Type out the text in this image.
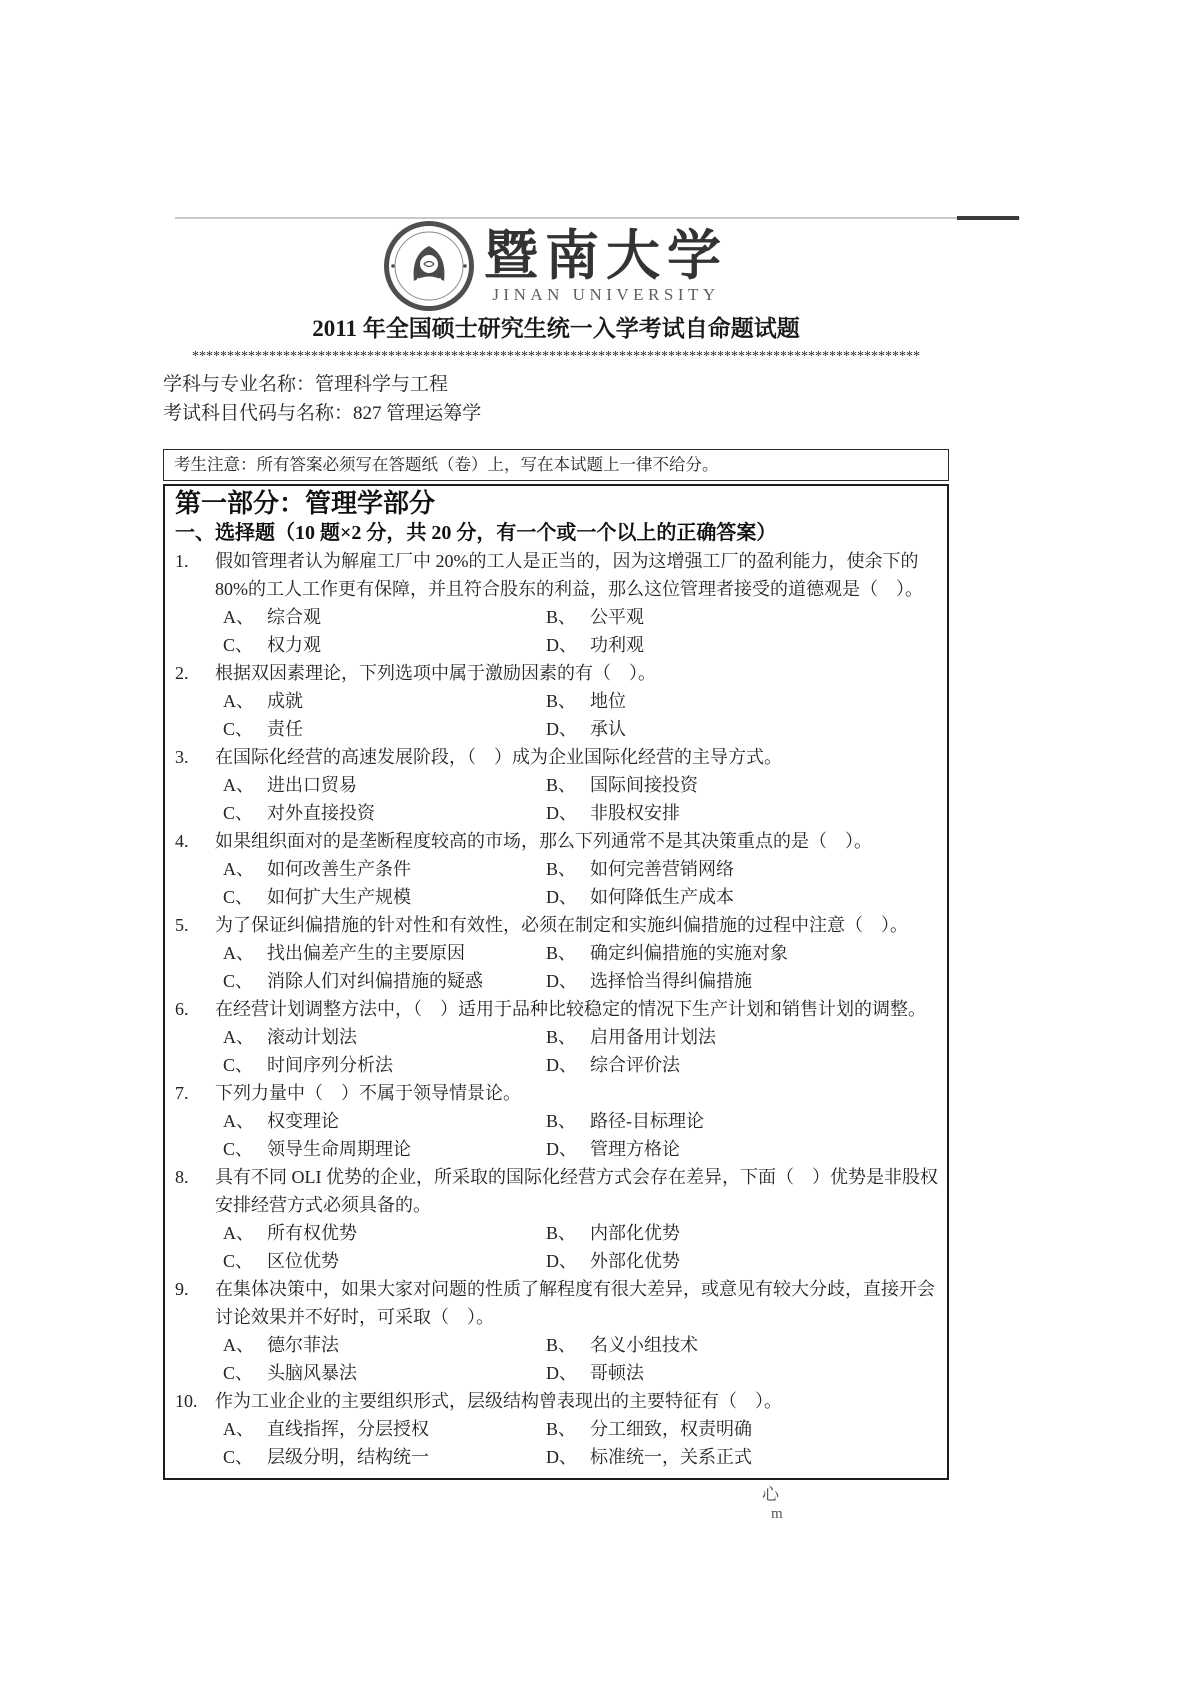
暨南大学
JINAN UNIVERSITY
2011 年全国硕士研究生统一入学考试自命题试题
********************************************************************************************************
学科与专业名称：管理科学与工程
考试科目代码与名称：827 管理运筹学
考生注意：所有答案必须写在答题纸（卷）上，写在本试题上一律不给分。
第一部分：管理学部分
一、选择题（10 题×2 分，共 20 分，有一个或一个以上的正确答案）
1.	假如管理者认为解雇工厂中 20%的工人是正当的，因为这增强工厂的盈利能力，使余下的 80%的工人工作更有保障，并且符合股东的利益，那么这位管理者接受的道德观是（　）。
A、 综合观	B、 公平观
C、 权力观	D、 功利观
2.	根据双因素理论，下列选项中属于激励因素的有（　）。
A、 成就	B、 地位
C、 责任	D、 承认
3.	在国际化经营的高速发展阶段，（　）成为企业国际化经营的主导方式。
A、 进出口贸易	B、 国际间接投资
C、 对外直接投资	D、 非股权安排
4.	如果组织面对的是垄断程度较高的市场，那么下列通常不是其决策重点的是（　）。
A、 如何改善生产条件	B、 如何完善营销网络
C、 如何扩大生产规模	D、 如何降低生产成本
5.	为了保证纠偏措施的针对性和有效性，必须在制定和实施纠偏措施的过程中注意（　）。
A、 找出偏差产生的主要原因	B、 确定纠偏措施的实施对象
C、 消除人们对纠偏措施的疑惑	D、 选择恰当得纠偏措施
6.	在经营计划调整方法中，（　）适用于品种比较稳定的情况下生产计划和销售计划的调整。
A、 滚动计划法	B、 启用备用计划法
C、 时间序列分析法	D、 综合评价法
7.	下列力量中（　）不属于领导情景论。
A、 权变理论	B、 路径-目标理论
C、 领导生命周期理论	D、 管理方格论
8.	具有不同 OLI 优势的企业，所采取的国际化经营方式会存在差异，下面（　）优势是非股权安排经营方式必须具备的。
A、 所有权优势	B、 内部化优势
C、 区位优势	D、 外部化优势
9.	在集体决策中，如果大家对问题的性质了解程度有很大差异，或意见有较大分歧，直接开会讨论效果并不好时，可采取（　）。
A、 德尔菲法	B、 名义小组技术
C、 头脑风暴法	D、 哥顿法
10. 作为工业企业的主要组织形式，层级结构曾表现出的主要特征有（　）。
A、 直线指挥，分层授权	B、 分工细致，权责明确
C、 层级分明，结构统一	D、 标准统一，关系正式
心
m
